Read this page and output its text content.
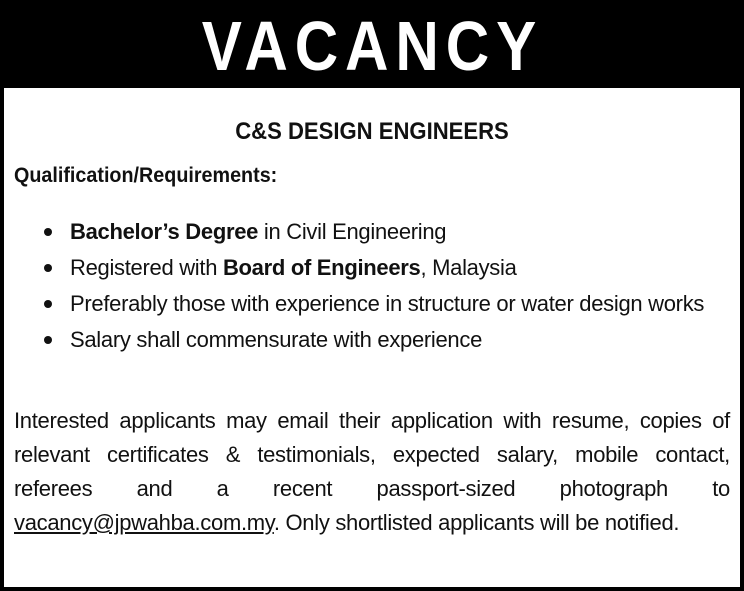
VACANCY
C&S DESIGN ENGINEERS
Qualification/Requirements:
Bachelor’s Degree in Civil Engineering
Registered with Board of Engineers, Malaysia
Preferably those with experience in structure or water design works
Salary shall commensurate with experience
Interested applicants may email their application with resume, copies of relevant certificates & testimonials, expected salary, mobile contact, referees and a recent passport-sized photograph to vacancy@jpwahba.com.my. Only shortlisted applicants will be notified.
